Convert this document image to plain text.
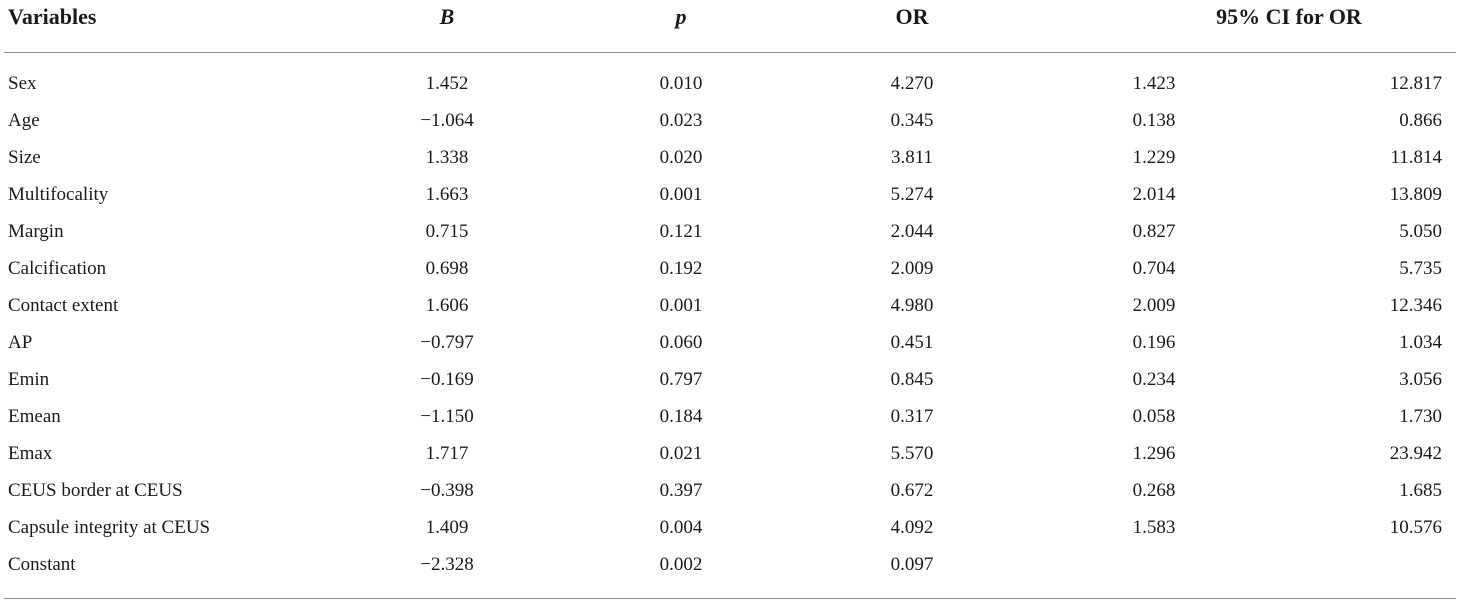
Variables	B	p	OR	95% CI for OR
Sex	1.452	0.010	4.270	1.423	12.817
Age	−1.064	0.023	0.345	0.138	0.866
Size	1.338	0.020	3.811	1.229	11.814
Multifocality	1.663	0.001	5.274	2.014	13.809
Margin	0.715	0.121	2.044	0.827	5.050
Calcification	0.698	0.192	2.009	0.704	5.735
Contact extent	1.606	0.001	4.980	2.009	12.346
AP	−0.797	0.060	0.451	0.196	1.034
Emin	−0.169	0.797	0.845	0.234	3.056
Emean	−1.150	0.184	0.317	0.058	1.730
Emax	1.717	0.021	5.570	1.296	23.942
CEUS border at CEUS	−0.398	0.397	0.672	0.268	1.685
Capsule integrity at CEUS	1.409	0.004	4.092	1.583	10.576
Constant	−2.328	0.002	0.097
